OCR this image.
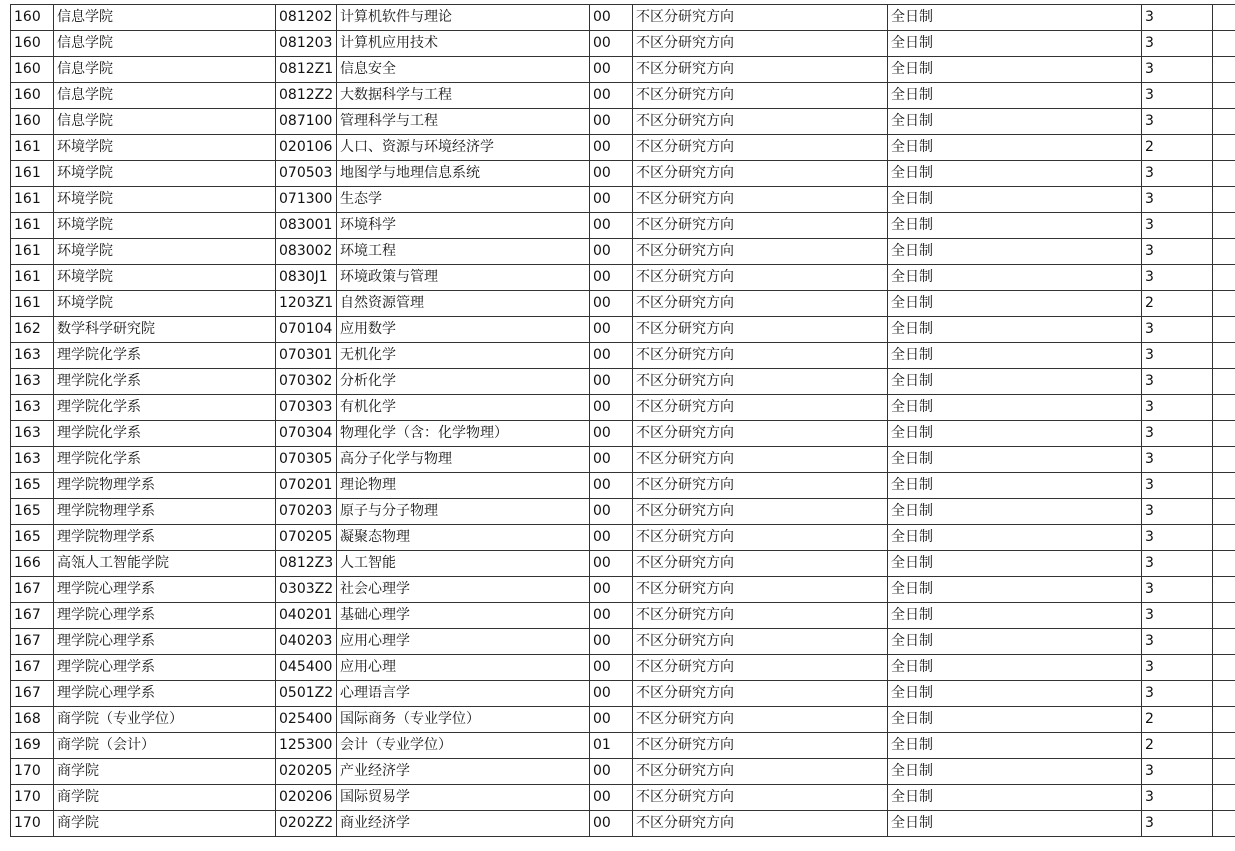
160	信息学院	081202	计算机软件与理论	00	不区分研究方向	全日制	3	
160	信息学院	081203	计算机应用技术	00	不区分研究方向	全日制	3	
160	信息学院	0812Z1	信息安全	00	不区分研究方向	全日制	3	
160	信息学院	0812Z2	大数据科学与工程	00	不区分研究方向	全日制	3	
160	信息学院	087100	管理科学与工程	00	不区分研究方向	全日制	3	
161	环境学院	020106	人口、资源与环境经济学	00	不区分研究方向	全日制	2	
161	环境学院	070503	地图学与地理信息系统	00	不区分研究方向	全日制	3	
161	环境学院	071300	生态学	00	不区分研究方向	全日制	3	
161	环境学院	083001	环境科学	00	不区分研究方向	全日制	3	
161	环境学院	083002	环境工程	00	不区分研究方向	全日制	3	
161	环境学院	0830J1	环境政策与管理	00	不区分研究方向	全日制	3	
161	环境学院	1203Z1	自然资源管理	00	不区分研究方向	全日制	2	
162	数学科学研究院	070104	应用数学	00	不区分研究方向	全日制	3	
163	理学院化学系	070301	无机化学	00	不区分研究方向	全日制	3	
163	理学院化学系	070302	分析化学	00	不区分研究方向	全日制	3	
163	理学院化学系	070303	有机化学	00	不区分研究方向	全日制	3	
163	理学院化学系	070304	物理化学（含：化学物理）	00	不区分研究方向	全日制	3	
163	理学院化学系	070305	高分子化学与物理	00	不区分研究方向	全日制	3	
165	理学院物理学系	070201	理论物理	00	不区分研究方向	全日制	3	
165	理学院物理学系	070203	原子与分子物理	00	不区分研究方向	全日制	3	
165	理学院物理学系	070205	凝聚态物理	00	不区分研究方向	全日制	3	
166	高瓴人工智能学院	0812Z3	人工智能	00	不区分研究方向	全日制	3	
167	理学院心理学系	0303Z2	社会心理学	00	不区分研究方向	全日制	3	
167	理学院心理学系	040201	基础心理学	00	不区分研究方向	全日制	3	
167	理学院心理学系	040203	应用心理学	00	不区分研究方向	全日制	3	
167	理学院心理学系	045400	应用心理	00	不区分研究方向	全日制	3	
167	理学院心理学系	0501Z2	心理语言学	00	不区分研究方向	全日制	3	
168	商学院（专业学位）	025400	国际商务（专业学位）	00	不区分研究方向	全日制	2	
169	商学院（会计）	125300	会计（专业学位）	01	不区分研究方向	全日制	2	
170	商学院	020205	产业经济学	00	不区分研究方向	全日制	3	
170	商学院	020206	国际贸易学	00	不区分研究方向	全日制	3	
170	商学院	0202Z2	商业经济学	00	不区分研究方向	全日制	3	
